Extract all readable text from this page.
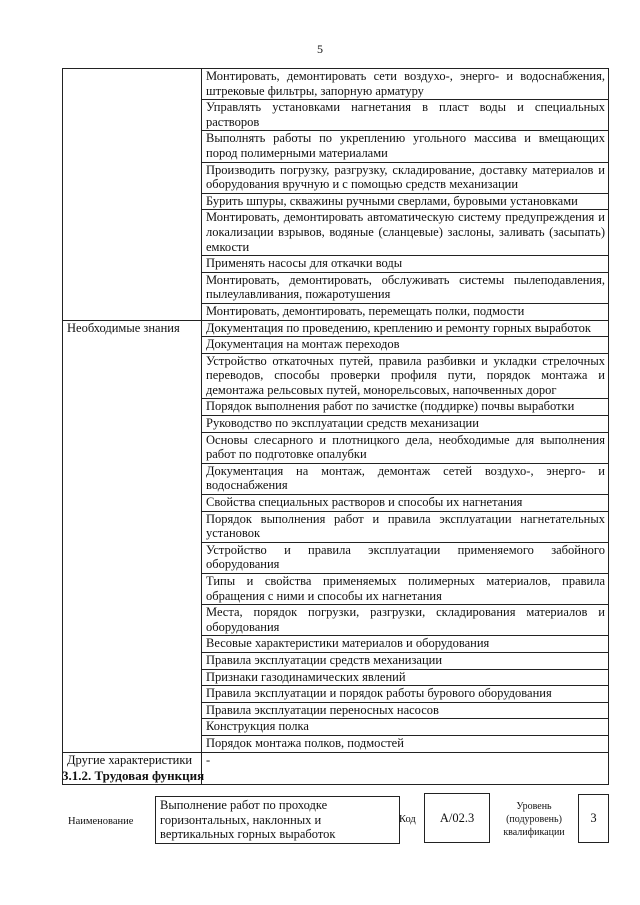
5

	Монтировать, демонтировать сети воздухо-, энерго- и водоснабжения, штрековые фильтры, запорную арматуру

	Управлять установками нагнетания в пласт воды и специальных растворов

	Выполнять работы по укреплению угольного массива и вмещающих пород полимерными материалами

	Производить погрузку, разгрузку, складирование, доставку материалов и оборудования вручную и с помощью средств механизации

	Бурить шпуры, скважины ручными сверлами, буровыми установками

	Монтировать, демонтировать автоматическую систему предупреждения и локализации взрывов, водяные (сланцевые) заслоны, заливать (засыпать) емкости

	Применять насосы для откачки воды

	Монтировать, демонтировать, обслуживать системы пылеподавления, пылеулавливания, пожаротушения

	Монтировать, демонтировать, перемещать полки, подмости

Необходимые знания	Документация по проведению, креплению и ремонту горных выработок

	Документация на монтаж переходов

	Устройство откаточных путей, правила разбивки и укладки стрелочных переводов, способы проверки профиля пути, порядок монтажа и демонтажа рельсовых путей, монорельсовых, напочвенных дорог

	Порядок выполнения работ по зачистке (поддирке) почвы выработки

	Руководство по эксплуатации средств механизации

	Основы слесарного и плотницкого дела, необходимые для выполнения работ по подготовке опалубки

	Документация на монтаж, демонтаж сетей воздухо-, энерго- и водоснабжения

	Свойства специальных растворов и способы их нагнетания

	Порядок выполнения работ и правила эксплуатации нагнетательных установок

	Устройство и правила эксплуатации применяемого забойного оборудования

	Типы и свойства применяемых полимерных материалов, правила обращения с ними и способы их нагнетания

	Места, порядок погрузки, разгрузки, складирования материалов и оборудования

	Весовые характеристики материалов и оборудования

	Правила эксплуатации средств механизации

	Признаки газодинамических явлений

	Правила эксплуатации и порядок работы бурового оборудования

	Правила эксплуатации переносных насосов

	Конструкция полка

	Порядок монтажа полков, подмостей

Другие характеристики	-
3.1.2. Трудовая функция
Наименование
Выполнение работ по проходке горизонтальных, наклонных и вертикальных горных выработок
Код А/02.3
Уровень (подуровень) квалификации
3
